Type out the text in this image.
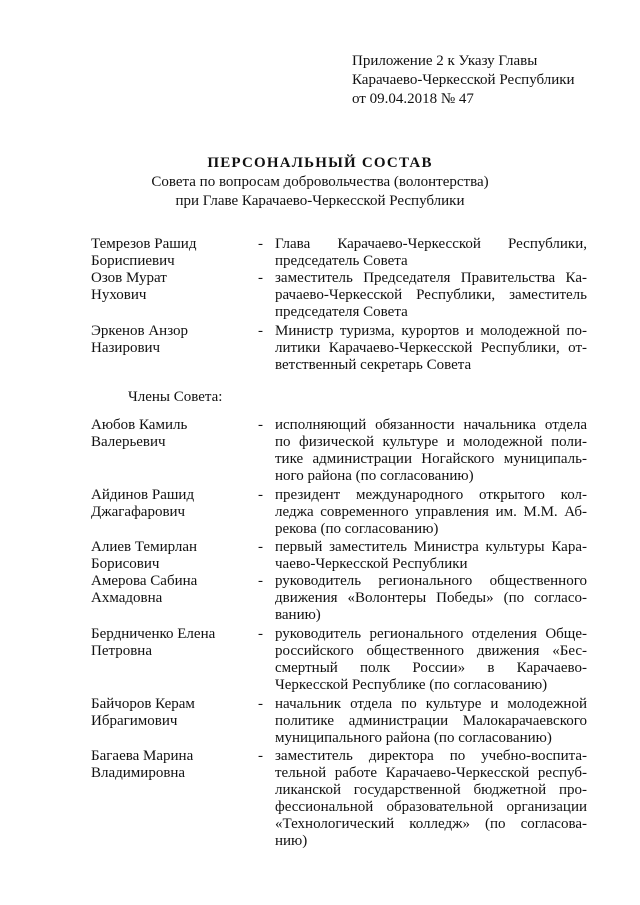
Приложение 2 к Указу Главы
Карачаево-Черкесской Республики
от 09.04.2018 № 47
ПЕРСОНАЛЬНЫЙ СОСТАВ
Совета по вопросам добровольчества (волонтерства)
при Главе Карачаево-Черкесской Республики
Темрезов Рашид
Бориспиевич
- Глава Карачаево-Черкесской Республики,
председатель Совета
Озов Мурат
Нухович
- заместитель Председателя Правительства Ка-
рачаево-Черкесской Республики, заместитель
председателя Совета
Эркенов Анзор
Назирович
- Министр туризма, курортов и молодежной по-
литики Карачаево-Черкесской Республики, от-
ветственный секретарь Совета
Члены Совета:
Аюбов Камиль
Валерьевич
- исполняющий обязанности начальника отдела
по физической культуре и молодежной поли-
тике администрации Ногайского муниципаль-
ного района (по согласованию)
Айдинов Рашид
Джагафарович
- президент международного открытого кол-
леджа современного управления им. М.М. Аб-
рекова (по согласованию)
Алиев Темирлан
Борисович
- первый заместитель Министра культуры Кара-
чаево-Черкесской Республики
Амерова Сабина
Ахмадовна
- руководитель регионального общественного
движения «Волонтеры Победы» (по согласо-
ванию)
Бердниченко Елена
Петровна
- руководитель регионального отделения Обще-
российского общественного движения «Бес-
смертный полк России» в Карачаево-
Черкесской Республике (по согласованию)
Байчоров Керам
Ибрагимович
- начальник отдела по культуре и молодежной
политике администрации Малокарачаевского
муниципального района (по согласованию)
Багаева Марина
Владимировна
- заместитель директора по учебно-воспита-
тельной работе Карачаево-Черкесской респуб-
ликанской государственной бюджетной про-
фессиональной образовательной организации
«Технологический колледж» (по согласова-
нию)
